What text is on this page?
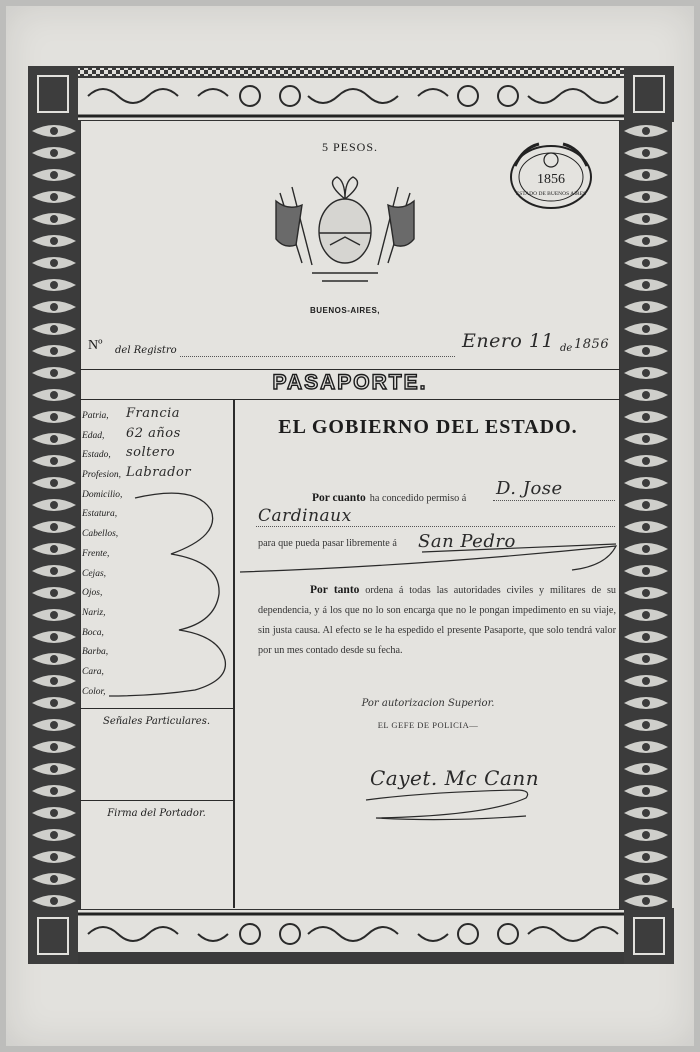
5 PESOS.
1856
ESTADO DE BUENOS AIRES
BUENOS-AIRES,
Nº del Registro	Enero 11 de 1856
PASAPORTE.
Patria,
Edad,
Estado,
Profesion,
Domicilio,
Estatura,
Cabellos,
Frente,
Cejas,
Ojos,
Nariz,
Boca,
Barba,
Cara,
Color,
Francia
62 años
soltero
Labrador
Señales Particulares.
Firma del Portador.
EL GOBIERNO DEL ESTADO.
Por cuanto ha concedido permiso á D. Jose
Cardinaux
para que pueda pasar libremente á San Pedro
Por tanto ordena á todas las autoridades civiles y militares de su dependencia, y á los que no lo son encarga que no le pongan impedimento en su viaje, sin justa causa. Al efecto se le ha espedido el presente Pasaporte, que solo tendrá valor por un mes contado desde su fecha.
Por autorizacion Superior.
EL GEFE DE POLICIA—
Cayet. Mc Cann
